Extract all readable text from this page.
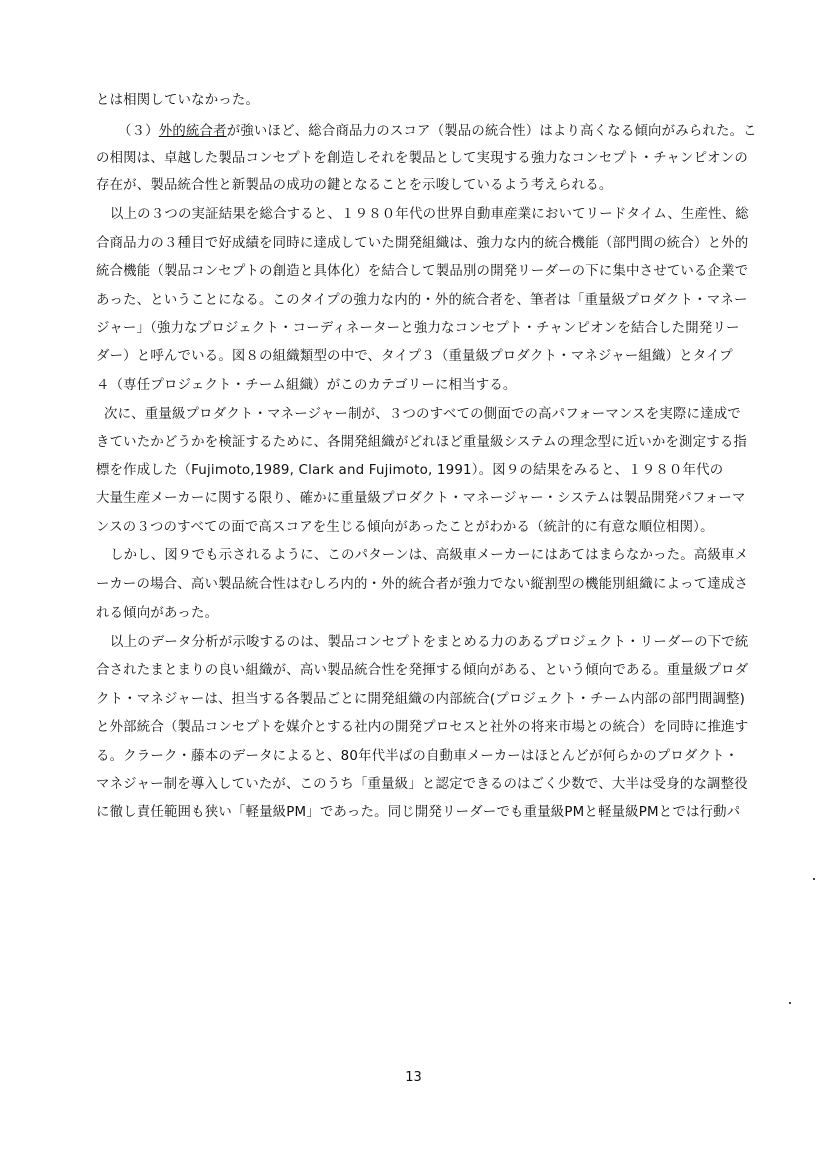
とは相関していなかった。
（３）外的統合者が強いほど、総合商品力のスコア（製品の統合性）はより高くなる傾向がみられた。こ
の相関は、卓越した製品コンセプトを創造しそれを製品として実現する強力なコンセプト・チャンピオンの
存在が、製品統合性と新製品の成功の鍵となることを示唆しているよう考えられる。
以上の３つの実証結果を総合すると、１９８０年代の世界自動車産業においてリードタイム、生産性、総
合商品力の３種目で好成績を同時に達成していた開発組織は、強力な内的統合機能（部門間の統合）と外的
統合機能（製品コンセプトの創造と具体化）を結合して製品別の開発リーダーの下に集中させている企業で
あった、ということになる。このタイプの強力な内的・外的統合者を、筆者は「重量級プロダクト・マネー
ジャー」（強力なプロジェクト・コーディネーターと強力なコンセプト・チャンピオンを結合した開発リー
ダー）と呼んでいる。図８の組織類型の中で、タイプ３（重量級プロダクト・マネジャー組織）とタイプ
４（専任プロジェクト・チーム組織）がこのカテゴリーに相当する。
次に、重量級プロダクト・マネージャー制が、３つのすべての側面での高パフォーマンスを実際に達成で
きていたかどうかを検証するために、各開発組織がどれほど重量級システムの理念型に近いかを測定する指
標を作成した（Fujimoto,1989, Clark and Fujimoto, 1991）。図９の結果をみると、１９８０年代の
大量生産メーカーに関する限り、確かに重量級プロダクト・マネージャー・システムは製品開発パフォーマ
ンスの３つのすべての面で高スコアを生じる傾向があったことがわかる（統計的に有意な順位相関）。
しかし、図９でも示されるように、このパターンは、高級車メーカーにはあてはまらなかった。高級車メ
ーカーの場合、高い製品統合性はむしろ内的・外的統合者が強力でない縦割型の機能別組織によって達成さ
れる傾向があった。
以上のデータ分析が示唆するのは、製品コンセプトをまとめる力のあるプロジェクト・リーダーの下で統
合されたまとまりの良い組織が、高い製品統合性を発揮する傾向がある、という傾向である。重量級プロダ
クト・マネジャーは、担当する各製品ごとに開発組織の内部統合(プロジェクト・チーム内部の部門間調整)
と外部統合（製品コンセプトを媒介とする社内の開発プロセスと社外の将来市場との統合）を同時に推進す
る。クラーク・藤本のデータによると、80年代半ばの自動車メーカーはほとんどが何らかのプロダクト・
マネジャー制を導入していたが、このうち「重量級」と認定できるのはごく少数で、大半は受身的な調整役
に徹し責任範囲も狭い「軽量級PM」であった。同じ開発リーダーでも重量級PMと軽量級PMとでは行動パ
13
